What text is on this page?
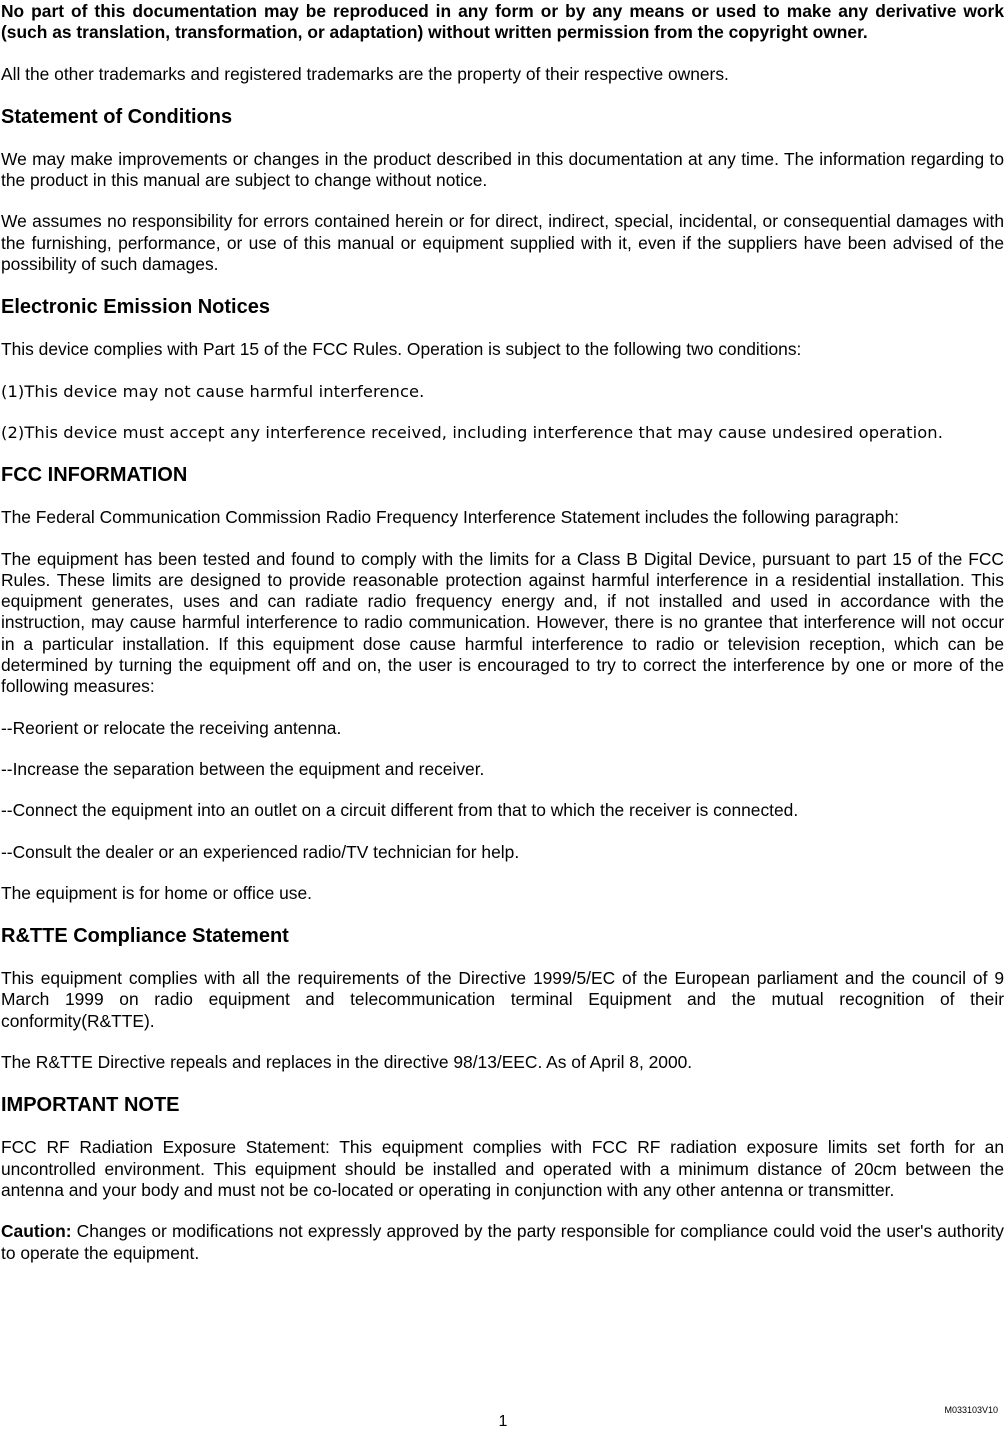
No part of this documentation may be reproduced in any form or by any means or used to make any derivative work (such as translation, transformation, or adaptation) without written permission from the copyright owner.

All the other trademarks and registered trademarks are the property of their respective owners.

Statement of Conditions

We may make improvements or changes in the product described in this documentation at any time. The information regarding to the product in this manual are subject to change without notice.

We assumes no responsibility for errors contained herein or for direct, indirect, special, incidental, or consequential damages with the furnishing, performance, or use of this manual or equipment supplied with it, even if the suppliers have been advised of the possibility of such damages.

Electronic Emission Notices

This device complies with Part 15 of the FCC Rules. Operation is subject to the following two conditions:

(1)This device may not cause harmful interference.

(2)This device must accept any interference received, including interference that may cause undesired operation.

FCC INFORMATION

The Federal Communication Commission Radio Frequency Interference Statement includes the following paragraph:

The equipment has been tested and found to comply with the limits for a Class B Digital Device, pursuant to part 15 of the FCC Rules. These limits are designed to provide reasonable protection against harmful interference in a residential installation. This equipment generates, uses and can radiate radio frequency energy and, if not installed and used in accordance with the instruction, may cause harmful interference to radio communication. However, there is no grantee that interference will not occur in a particular installation. If this equipment dose cause harmful interference to radio or television reception, which can be determined by turning the equipment off and on, the user is encouraged to try to correct the interference by one or more of the following measures:

--Reorient or relocate the receiving antenna.

--Increase the separation between the equipment and receiver.

--Connect the equipment into an outlet on a circuit different from that to which the receiver is connected.

--Consult the dealer or an experienced radio/TV technician for help.

The equipment is for home or office use.

R&TTE Compliance Statement

This equipment complies with all the requirements of the Directive 1999/5/EC of the European parliament and the council of 9 March 1999 on radio equipment and telecommunication terminal Equipment and the mutual recognition of their conformity(R&TTE).

The R&TTE Directive repeals and replaces in the directive 98/13/EEC. As of April 8, 2000.

IMPORTANT NOTE

FCC RF Radiation Exposure Statement: This equipment complies with FCC RF radiation exposure limits set forth for an uncontrolled environment. This equipment should be installed and operated with a minimum distance of 20cm between the antenna and your body and must not be co-located or operating in conjunction with any other antenna or transmitter.

Caution: Changes or modifications not expressly approved by the party responsible for compliance could void the user's authority to operate the equipment.

M033103V10
1
